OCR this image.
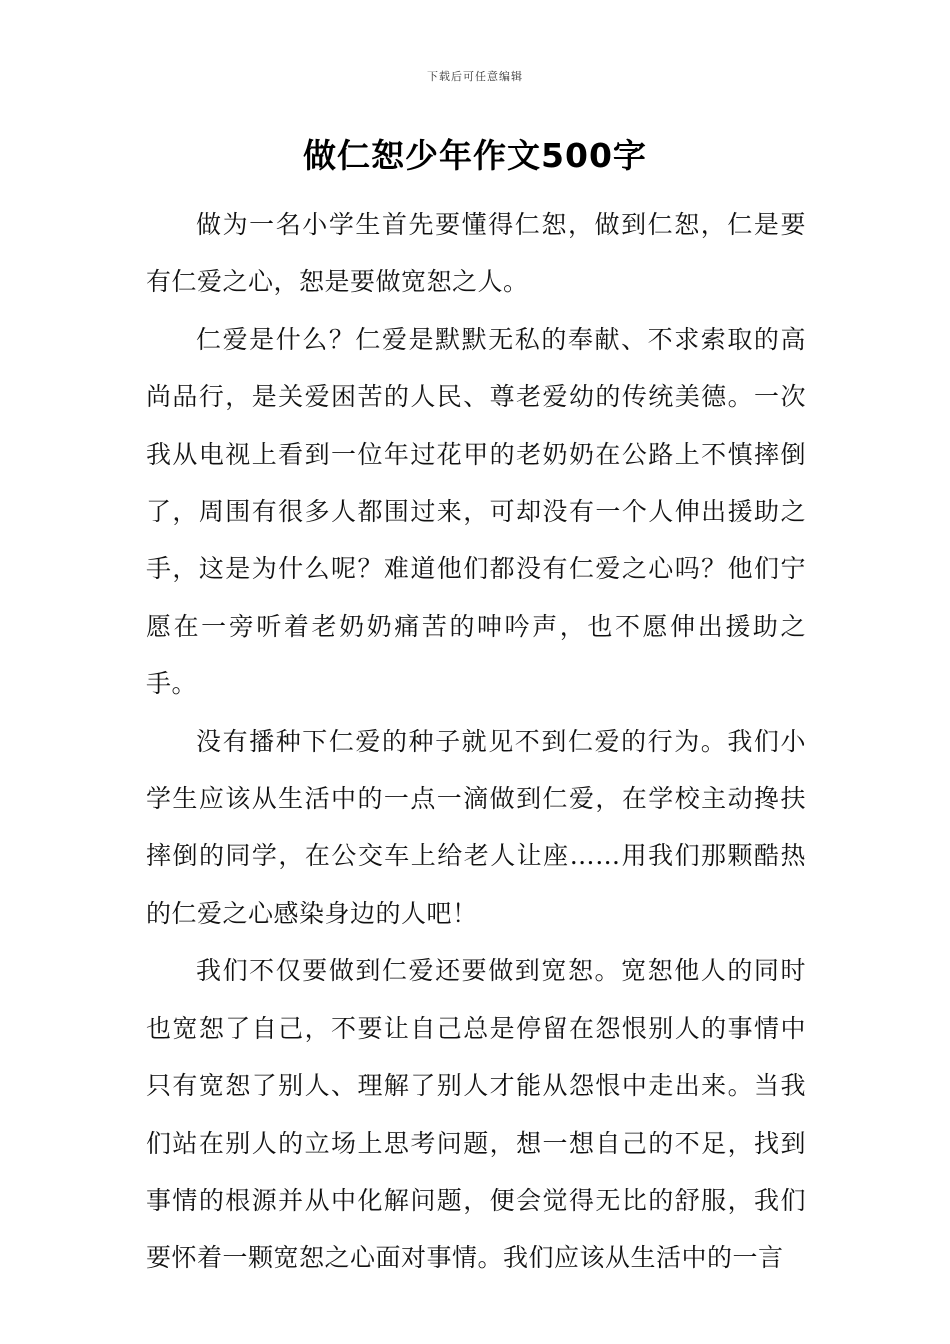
下载后可任意编辑
做仁恕少年作文500字

做为一名小学生首先要懂得仁恕，做到仁恕，仁是要有仁爱之心，恕是要做宽恕之人。

仁爱是什么？仁爱是默默无私的奉献、不求索取的高尚品行，是关爱困苦的人民、尊老爱幼的传统美德。一次我从电视上看到一位年过花甲的老奶奶在公路上不慎摔倒了，周围有很多人都围过来，可却没有一个人伸出援助之手，这是为什么呢？难道他们都没有仁爱之心吗？他们宁愿在一旁听着老奶奶痛苦的呻吟声，也不愿伸出援助之手。

没有播种下仁爱的种子就见不到仁爱的行为。我们小学生应该从生活中的一点一滴做到仁爱，在学校主动搀扶摔倒的同学，在公交车上给老人让座……用我们那颗酷热的仁爱之心感染身边的人吧！

我们不仅要做到仁爱还要做到宽恕。宽恕他人的同时也宽恕了自己，不要让自己总是停留在怨恨别人的事情中只有宽恕了别人、理解了别人才能从怨恨中走出来。当我们站在别人的立场上思考问题，想一想自己的不足，找到事情的根源并从中化解问题，便会觉得无比的舒服，我们要怀着一颗宽恕之心面对事情。我们应该从生活中的一言
